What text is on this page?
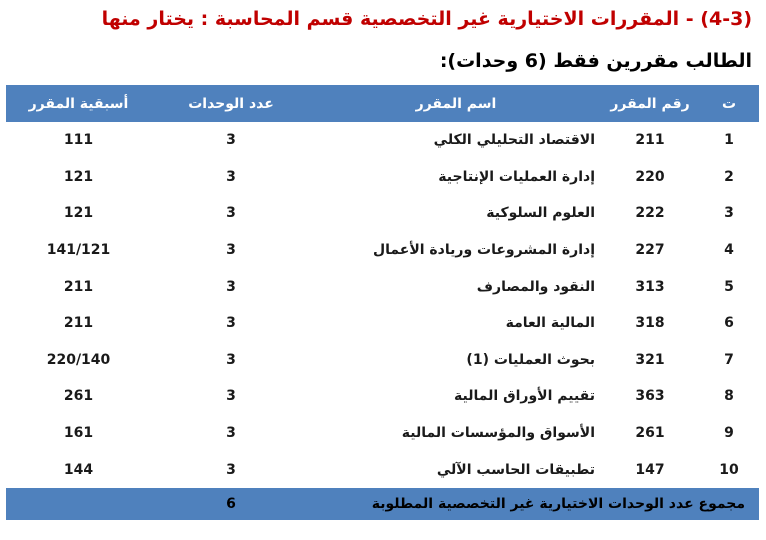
(4-3) - المقررات الاختيارية غير التخصصية قسم المحاسبة : يختار منها
الطالب مقررين فقط (6 وحدات):
ت	رقم المقرر	اسم المقرر	عدد الوحدات	أسبقية المقرر
1	211	الاقتصاد التحليلي الكلي	3	111
2	220	إدارة العمليات الإنتاجية	3	121
3	222	العلوم السلوكية	3	121
4	227	إدارة المشروعات وريادة الأعمال	3	141/121
5	313	النقود والمصارف	3	211
6	318	المالية العامة	3	211
7	321	بحوث العمليات (1)	3	220/140
8	363	تقييم الأوراق المالية	3	261
9	261	الأسواق والمؤسسات المالية	3	161
10	147	تطبيقات الحاسب الآلي	3	144
مجموع عدد الوحدات الاختيارية غير التخصصية المطلوبة			6	
